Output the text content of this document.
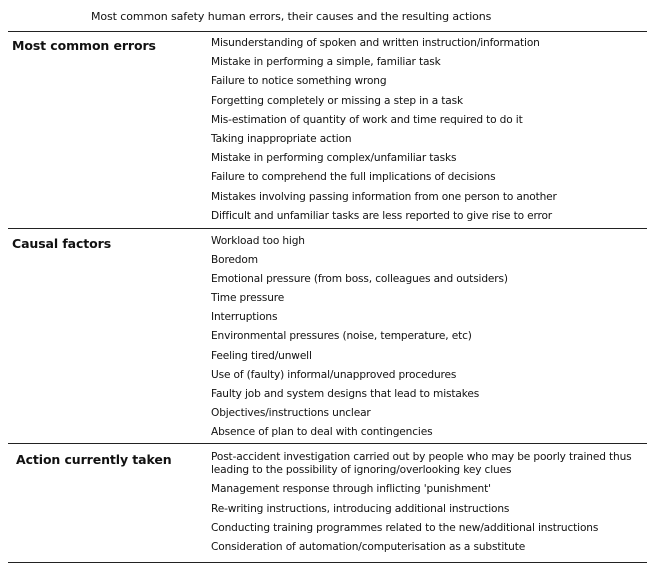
Most common safety human errors, their causes and the resulting actions
Most common errors	Misunderstanding of spoken and written instruction/information
Mistake in performing a simple, familiar task
Failure to notice something wrong
Forgetting completely or missing a step in a task
Mis-estimation of quantity of work and time required to do it
Taking inappropriate action
Mistake in performing complex/unfamiliar tasks
Failure to comprehend the full implications of decisions
Mistakes involving passing information from one person to another
Difficult and unfamiliar tasks are less reported to give rise to error
Causal factors	Workload too high
Boredom
Emotional pressure (from boss, colleagues and outsiders)
Time pressure
Interruptions
Environmental pressures (noise, temperature, etc)
Feeling tired/unwell
Use of (faulty) informal/unapproved procedures
Faulty job and system designs that lead to mistakes
Objectives/instructions unclear
Absence of plan to deal with contingencies
Action currently taken	Post-accident investigation carried out by people who may be poorly trained thus leading to the possibility of ignoring/overlooking key clues
Management response through inflicting 'punishment'
Re-writing instructions, introducing additional instructions
Conducting training programmes related to the new/additional instructions
Consideration of automation/computerisation as a substitute
